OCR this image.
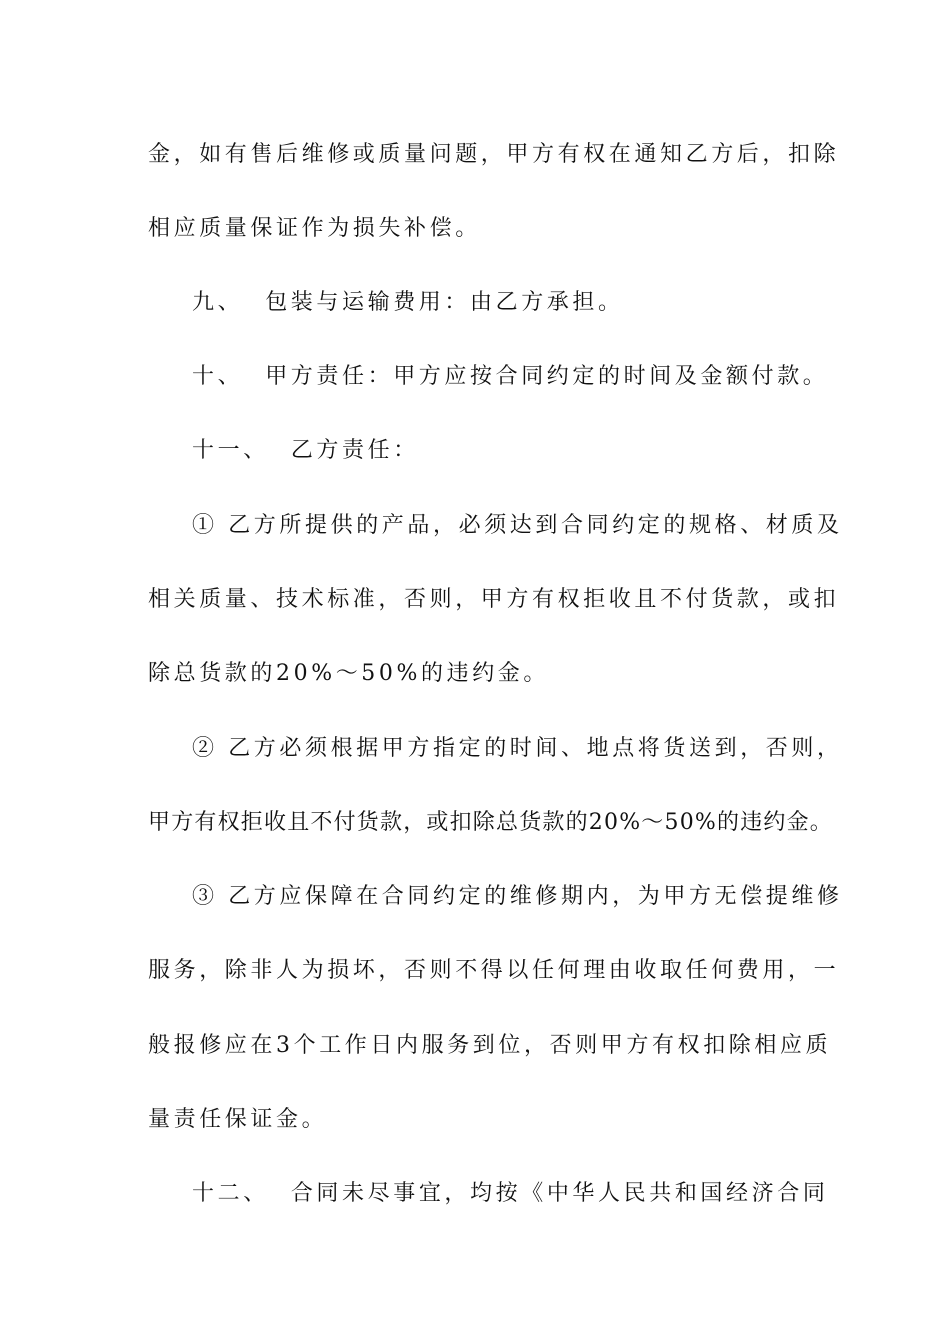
金，如有售后维修或质量问题，甲方有权在通知乙方后，扣除
相应质量保证作为损失补偿。
九、 包装与运输费用：由乙方承担。
十、 甲方责任：甲方应按合同约定的时间及金额付款。
十一、 乙方责任：
① 乙方所提供的产品，必须达到合同约定的规格、材质及
相关质量、技术标准，否则，甲方有权拒收且不付货款，或扣
除总货款的20%～50%的违约金。
② 乙方必须根据甲方指定的时间、地点将货送到，否则，
甲方有权拒收且不付货款，或扣除总货款的20%～50%的违约金。
③ 乙方应保障在合同约定的维修期内，为甲方无偿提维修
服务，除非人为损坏，否则不得以任何理由收取任何费用，一
般报修应在3个工作日内服务到位，否则甲方有权扣除相应质
量责任保证金。
十二、 合同未尽事宜，均按《中华人民共和国经济合同
